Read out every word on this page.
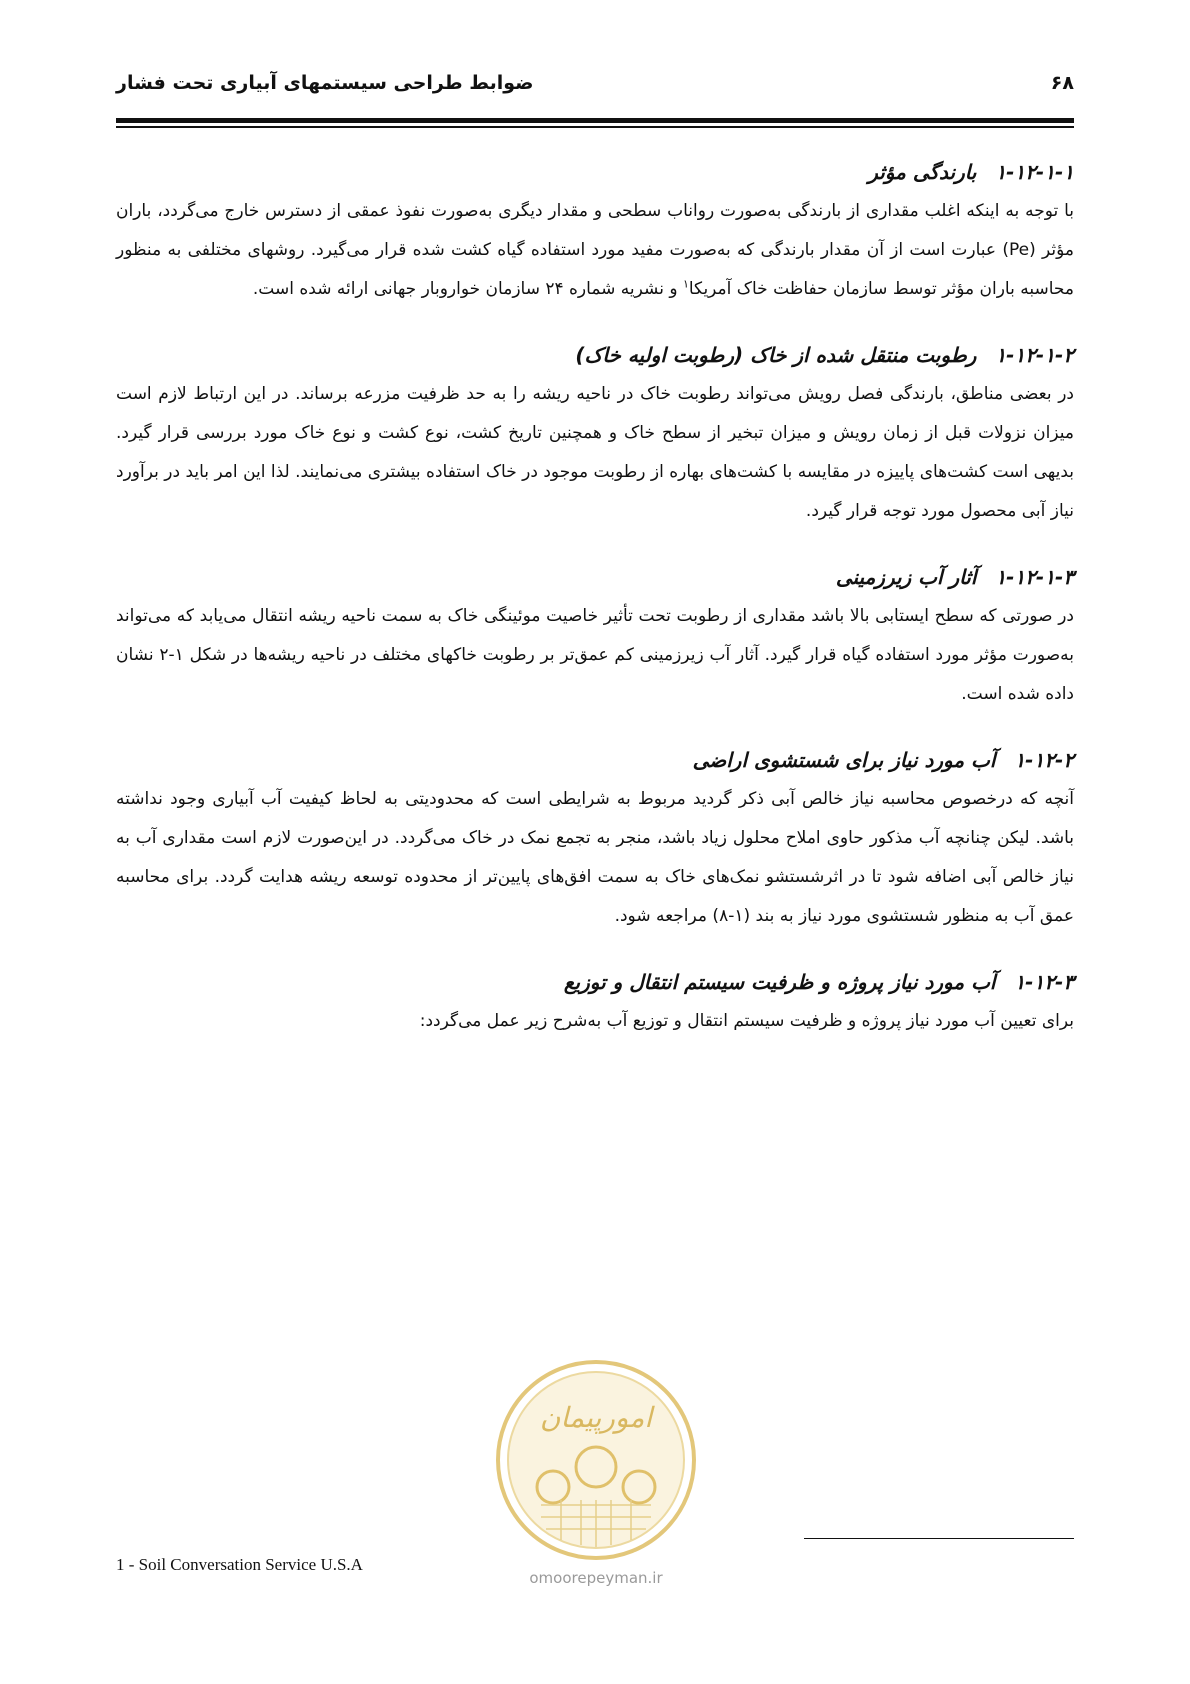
ضوابط طراحی سیستمهای آبیاری تحت فشار	۶۸
۱-۱۲-۱-۱ بارندگی مؤثر

با توجه به اینکه اغلب مقداری از بارندگی به‌صورت رواناب سطحی و مقدار دیگری به‌صورت نفوذ عمقی از دسترس خارج می‌گردد، باران مؤثر (Pe) عبارت است از آن مقدار بارندگی که به‌صورت مفید مورد استفاده گیاه کشت شده قرار می‌گیرد. روشهای مختلفی به منظور محاسبه باران مؤثر توسط سازمان حفاظت خاک آمریکا$^۱$ و نشریه شماره ۲۴ سازمان خواروبار جهانی ارائه شده است.

۱-۱۲-۱-۲ رطوبت منتقل شده از خاک (رطوبت اولیه خاک)

در بعضی مناطق، بارندگی فصل رویش می‌تواند رطوبت خاک در ناحیه ریشه را به حد ظرفیت مزرعه برساند. در این ارتباط لازم است میزان نزولات قبل از زمان رویش و میزان تبخیر از سطح خاک و همچنین تاریخ کشت، نوع کشت و نوع خاک مورد بررسی قرار گیرد. بدیهی است کشت‌های پاییزه در مقایسه با کشت‌های بهاره از رطوبت موجود در خاک استفاده بیشتری می‌نمایند. لذا این امر باید در برآورد نیاز آبی محصول مورد توجه قرار گیرد.

۱-۱۲-۱-۳ آثار آب زیرزمینی

در صورتی که سطح ایستابی بالا باشد مقداری از رطوبت تحت تأثیر خاصیت موئینگی خاک به سمت ناحیه ریشه انتقال می‌یابد که می‌تواند به‌صورت مؤثر مورد استفاده گیاه قرار گیرد. آثار آب زیرزمینی کم عمق‌تر بر رطوبت خاکهای مختلف در ناحیه ریشه‌ها در شکل ۱-۲ نشان داده شده است.

۱-۱۲-۲ آب مورد نیاز برای شستشوی اراضی

آنچه که درخصوص محاسبه نیاز خالص آبی ذکر گردید مربوط به شرایطی است که محدودیتی به لحاظ کیفیت آب آبیاری وجود نداشته باشد. لیکن چنانچه آب مذکور حاوی املاح محلول زیاد باشد، منجر به تجمع نمک در خاک می‌گردد. در این‌صورت لازم است مقداری آب به نیاز خالص آبی اضافه شود تا در اثرشستشو نمک‌های خاک به سمت افق‌های پایین‌تر از محدوده توسعه ریشه هدایت گردد. برای محاسبه عمق آب به منظور شستشوی مورد نیاز به بند (۱-۸) مراجعه شود.

۱-۱۲-۳ آب مورد نیاز پروژه و ظرفیت سیستم انتقال و توزیع

برای تعیین آب مورد نیاز پروژه و ظرفیت سیستم انتقال و توزیع آب به‌شرح زیر عمل می‌گردد:

امورپیمان
omoorepeyman.ir
1 - Soil Conversation Service U.S.A
